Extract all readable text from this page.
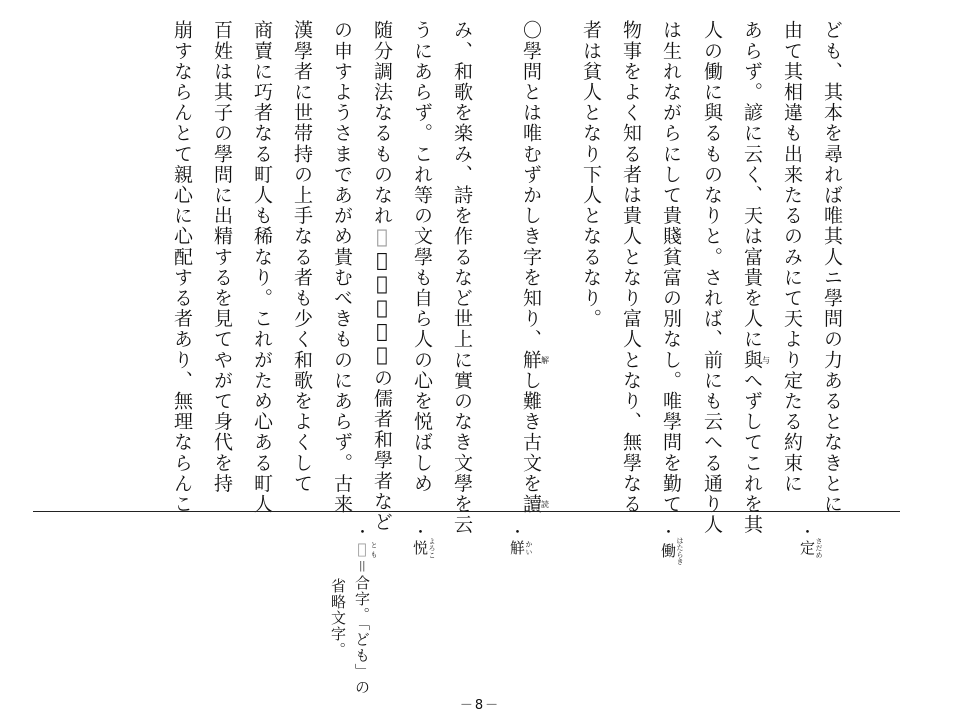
ども、其本を尋れば唯其人ニ學問の力あるとなきとに
由て其相違も出来たるのみにて天より定たる約束に
あらず。諺に云く、天は富貴を人に與与へずしてこれを其
人の働に與るものなりと。されば、前にも云へる通り人
は生れながらにして貴賤貧富の別なし。唯學問を勤て
物事をよく知る者は貴人となり富人となり、無學なる
者は貧人となり下人となるなり。
〇學問とは唯むずかしき字を知り、觧解し難き古文を讀読
み、和歌を楽み、詩を作るなど世上に實のなき文學を云
うにあらず。これ等の文學も自ら人の心を悦ばしめ
随分調法なるものなれ𪜈、古来世間の儒者和學者など
の申すようさまであがめ貴むべきものにあらず。古来
漢學者に世帯持の上手なる者も少く和歌をよくして
商賣に巧者なる町人も稀なり。これがため心ある町人
百姓は其子の學問に出精するを見てやがて身代を持
崩すならんとて親心に心配する者あり、無理ならんこ
・定 さだめ
・働 はたらき
・觧 かい
・悦 よろこ
・𪜈 とも＝合字。「ども」の
省略文字。
－8－
